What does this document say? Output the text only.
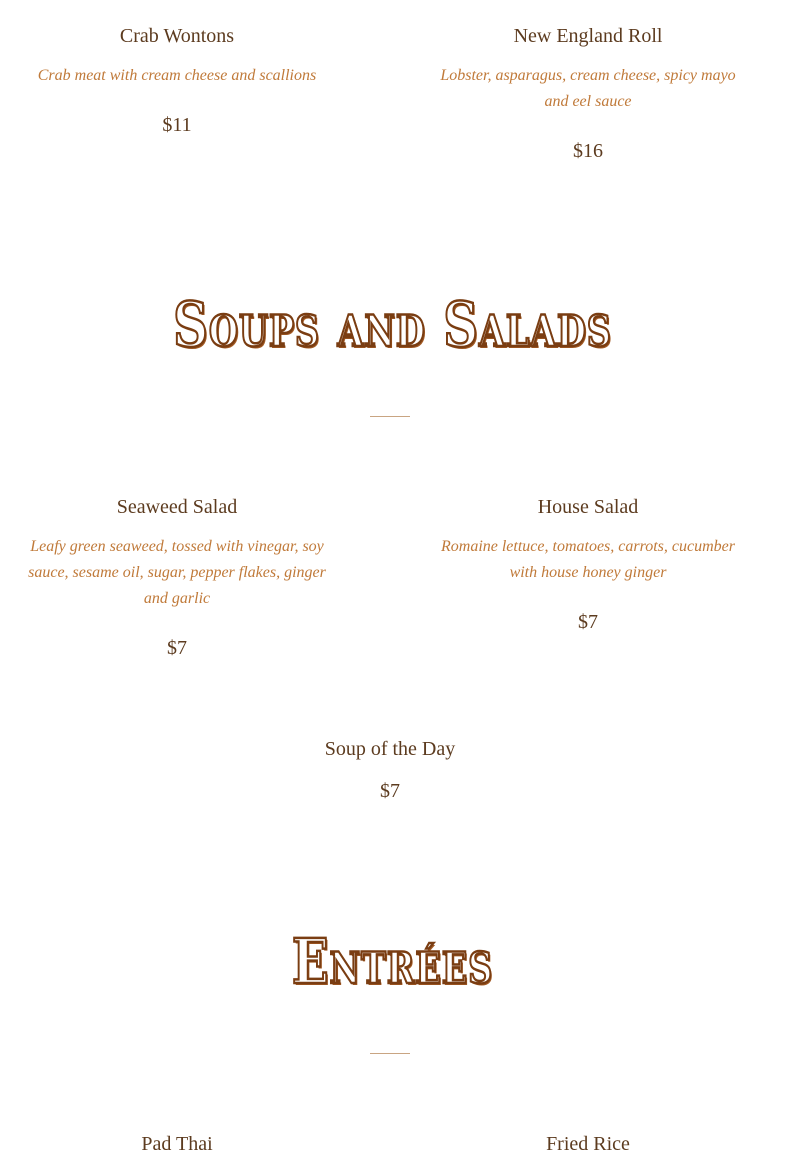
Crab Wontons

Crab meat with cream cheese and scallions

$11

New England Roll

Lobster, asparagus, cream cheese, spicy mayo and eel sauce

$16

Soups and Salads

Seaweed Salad

Leafy green seaweed, tossed with vinegar, soy sauce, sesame oil, sugar, pepper flakes, ginger and garlic

$7

House Salad

Romaine lettuce, tomatoes, carrots, cucumber with house honey ginger

$7

Soup of the Day

$7

Entrées

Pad Thai	Fried Rice
